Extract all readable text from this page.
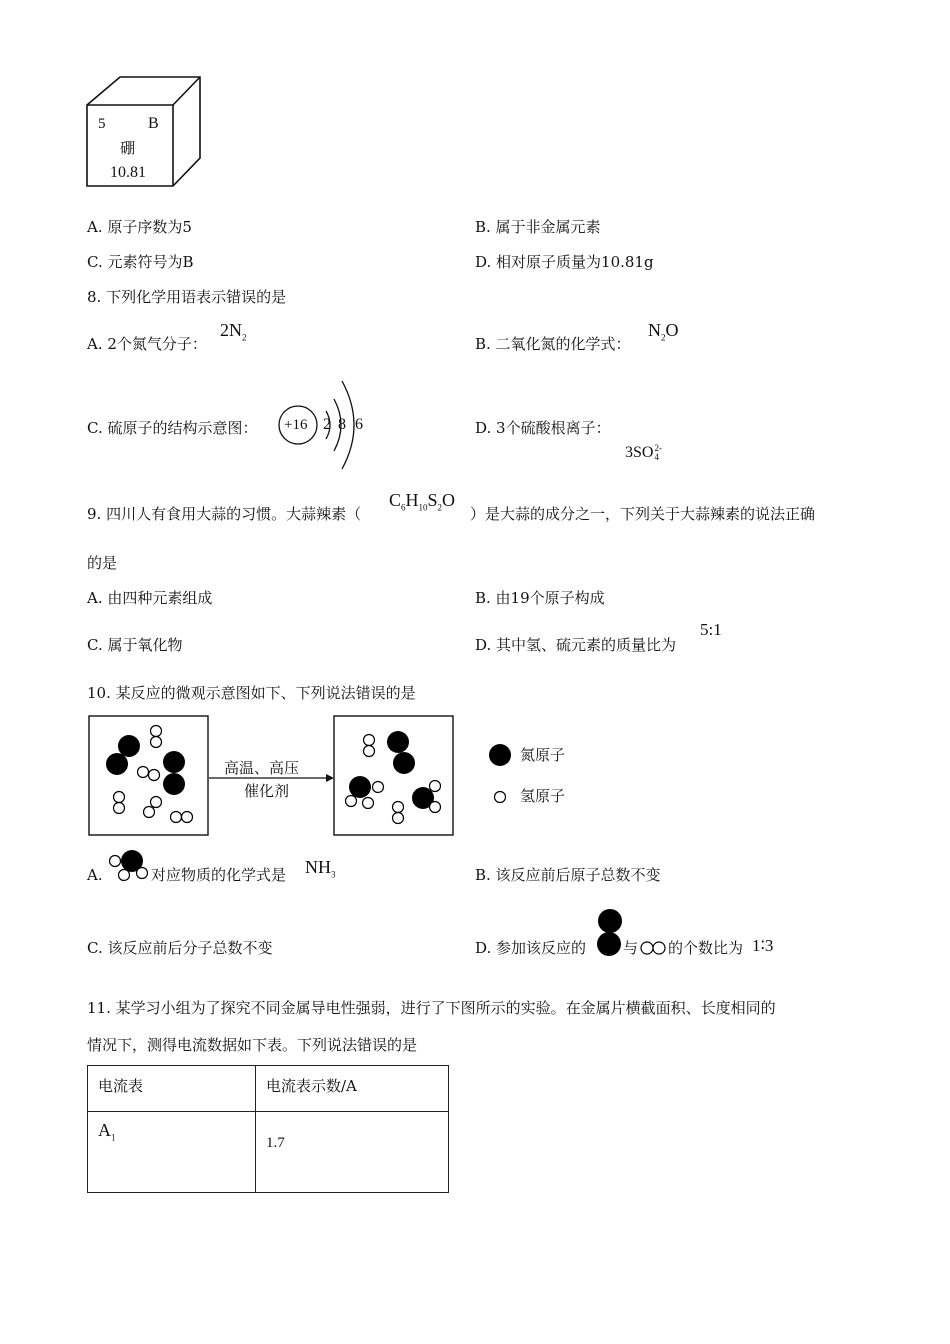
5	B
硼
10.81
A. 原子序数为5	B. 属于非金属元素
C. 元素符号为B	D. 相对原子质量为10.81g
8. 下列化学用语表示错误的是
A. 2个氮气分子：
$2N_2$	B. 二氧化氮的化学式：
$N_2O$
C. 硫原子的结构示意图： +16 2 8 6	D. 3个硫酸根离子：
3SO2-
4
9. 四川人有食用大蒜的习惯。大蒜辣素（
$C_6H_{10}S_2O$
）是大蒜的成分之一，下列关于大蒜辣素的说法正确
的是
A. 由四种元素组成	B. 由19个原子构成
C. 属于氧化物	D. 其中氢、硫元素的质量比为
5:1
10. 某反应的微观示意图如下、下列说法错误的是
高温、高压
催化剂
氮原子
氢原子
A.	对应物质的化学式是 $NH_3$	B. 该反应前后原子总数不变
C. 该反应前后分子总数不变	D. 参加该反应的 与 的个数比为 1∶3
11. 某学习小组为了探究不同金属导电性强弱，进行了下图所示的实验。在金属片横截面积、长度相同的
情况下，测得电流数据如下表。下列说法错误的是
电流表	电流表示数/A
$A_1$	1.7
